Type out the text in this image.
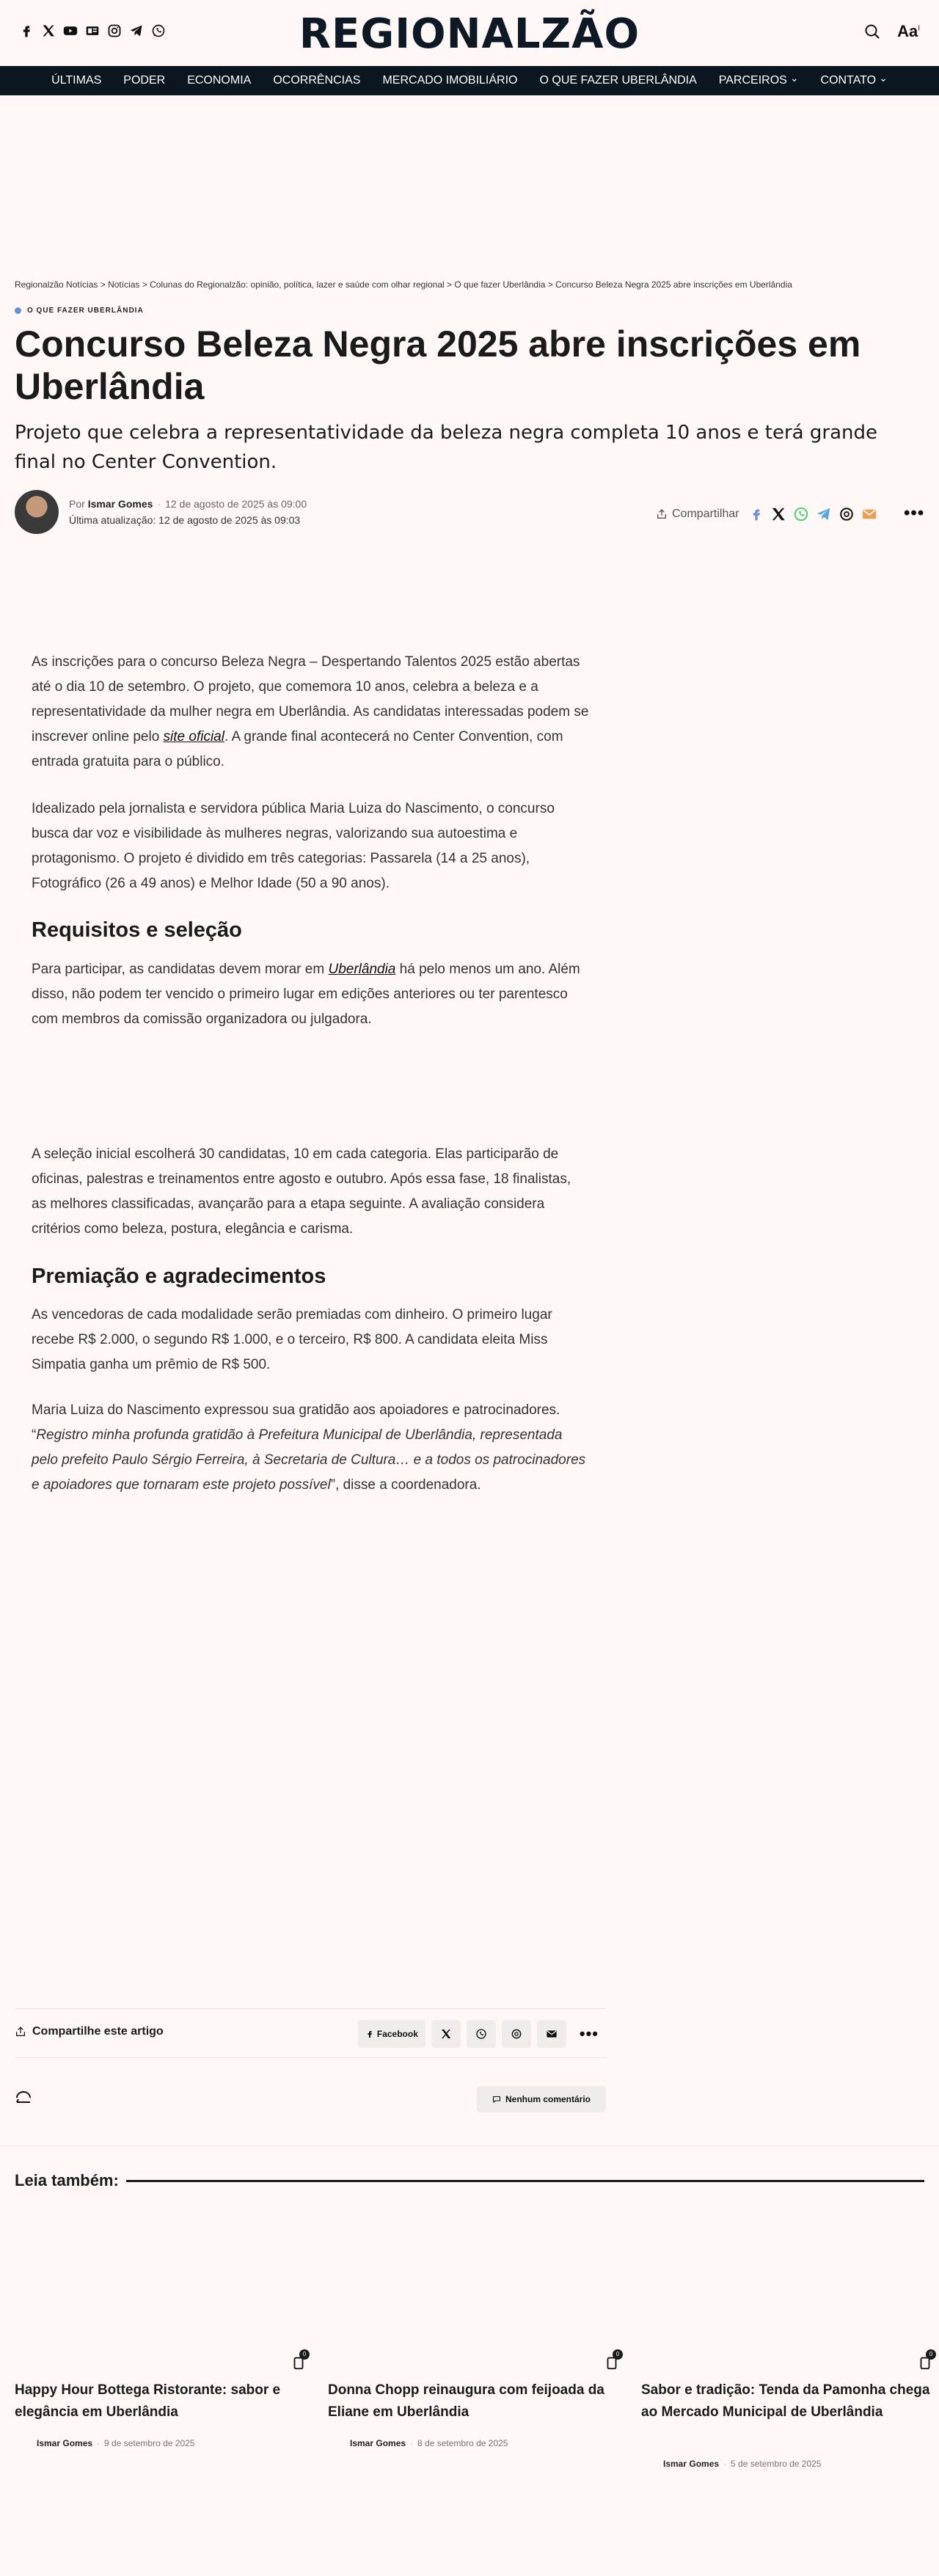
REGIONALZÃO	$Aa^I$
ÚLTIMAS PODER ECONOMIA OCORRÊNCIAS MERCADO IMOBILIÁRIO O QUE FAZER UBERLÂNDIA PARCEIROS ⌄	CONTATO ⌄
Regionalzão Notícias > Notícias > Colunas do Regionalzão: opinião, política, lazer e saúde com olhar regional > O que fazer Uberlândia > Concurso Beleza Negra 2025 abre inscrições em Uberlândia
O QUE FAZER UBERLÂNDIA
Concurso Beleza Negra 2025 abre inscrições em Uberlândia
Projeto que celebra a representatividade da beleza negra completa 10 anos e terá grande final no Center Convention.
Por Ismar Gomes · 12 de agosto de 2025 às 09:00
Última atualização: 12 de agosto de 2025 às 09:03	Compartilhar	•••

As inscrições para o concurso Beleza Negra – Despertando Talentos 2025 estão abertas até o dia 10 de setembro. O projeto, que comemora 10 anos, celebra a beleza e a representatividade da mulher negra em Uberlândia. As candidatas interessadas podem se inscrever online pelo site oficial. A grande final acontecerá no Center Convention, com entrada gratuita para o público.

Idealizado pela jornalista e servidora pública Maria Luiza do Nascimento, o concurso busca dar voz e visibilidade às mulheres negras, valorizando sua autoestima e protagonismo. O projeto é dividido em três categorias: Passarela (14 a 25 anos), Fotográfico (26 a 49 anos) e Melhor Idade (50 a 90 anos).

Requisitos e seleção

Para participar, as candidatas devem morar em Uberlândia há pelo menos um ano. Além disso, não podem ter vencido o primeiro lugar em edições anteriores ou ter parentesco com membros da comissão organizadora ou julgadora.

A seleção inicial escolherá 30 candidatas, 10 em cada categoria. Elas participarão de oficinas, palestras e treinamentos entre agosto e outubro. Após essa fase, 18 finalistas, as melhores classificadas, avançarão para a etapa seguinte. A avaliação considera critérios como beleza, postura, elegância e carisma.

Premiação e agradecimentos

As vencedoras de cada modalidade serão premiadas com dinheiro. O primeiro lugar recebe R$ 2.000, o segundo R$ 1.000, e o terceiro, R$ 800. A candidata eleita Miss Simpatia ganha um prêmio de R$ 500.

Maria Luiza do Nascimento expressou sua gratidão aos apoiadores e patrocinadores. “Registro minha profunda gratidão à Prefeitura Municipal de Uberlândia, representada pelo prefeito Paulo Sérgio Ferreira, à Secretaria de Cultura… e a todos os patrocinadores e apoiadores que tornaram este projeto possível”, disse a coordenadora.

Compartilhe este artigo	Facebook	•••
Nenhum comentário
Leia também:
0
Happy Hour Bottega Ristorante: sabor e elegância em Uberlândia
Ismar Gomes · 9 de setembro de 2025
0
Donna Chopp reinaugura com feijoada da Eliane em Uberlândia
Ismar Gomes · 8 de setembro de 2025
0
Sabor e tradição: Tenda da Pamonha chega ao Mercado Municipal de Uberlândia
Ismar Gomes · 5 de setembro de 2025
